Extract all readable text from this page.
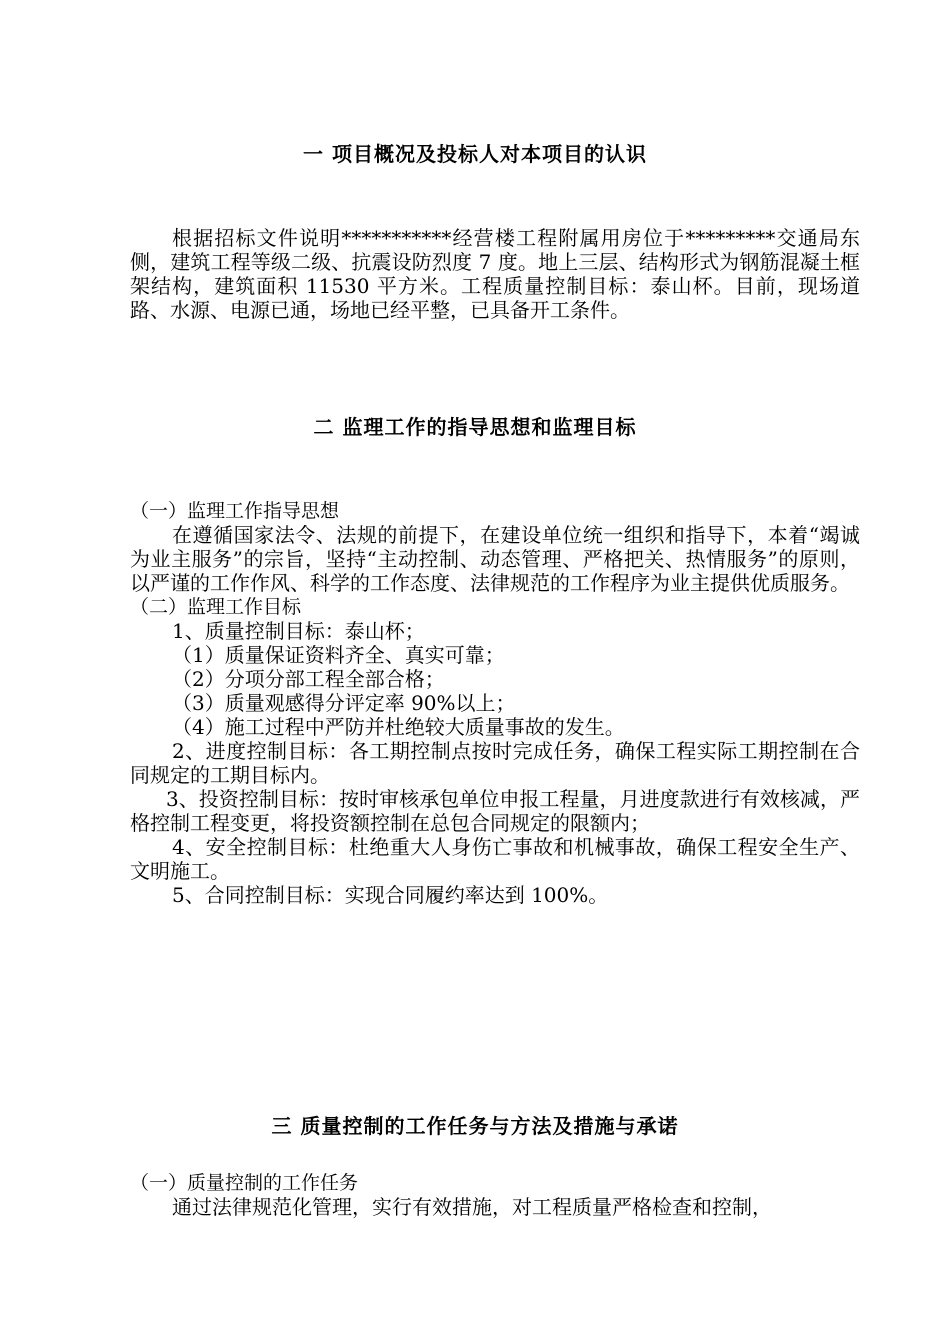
一 项目概况及投标人对本项目的认识

根据招标文件说明***********经营楼工程附属用房位于*********交通局东侧，建筑工程等级二级、抗震设防烈度 7 度。地上三层、结构形式为钢筋混凝土框架结构，建筑面积 11530 平方米。工程质量控制目标：泰山杯。目前，现场道路、水源、电源已通，场地已经平整，已具备开工条件。

二 监理工作的指导思想和监理目标

（一）监理工作指导思想

在遵循国家法令、法规的前提下，在建设单位统一组织和指导下，本着“竭诚为业主服务”的宗旨，坚持“主动控制、动态管理、严格把关、热情服务”的原则，以严谨的工作作风、科学的工作态度、法律规范的工作程序为业主提供优质服务。

（二）监理工作目标

1、质量控制目标：泰山杯；

（1）质量保证资料齐全、真实可靠；

（2）分项分部工程全部合格；

（3）质量观感得分评定率 90%以上；

（4）施工过程中严防并杜绝较大质量事故的发生。

2、进度控制目标：各工期控制点按时完成任务，确保工程实际工期控制在合同规定的工期目标内。

3、投资控制目标：按时审核承包单位申报工程量，月进度款进行有效核减，严格控制工程变更，将投资额控制在总包合同规定的限额内；

4、安全控制目标：杜绝重大人身伤亡事故和机械事故，确保工程安全生产、文明施工。

5、合同控制目标：实现合同履约率达到 100%。

三 质量控制的工作任务与方法及措施与承诺

（一）质量控制的工作任务

通过法律规范化管理，实行有效措施，对工程质量严格检查和控制，
